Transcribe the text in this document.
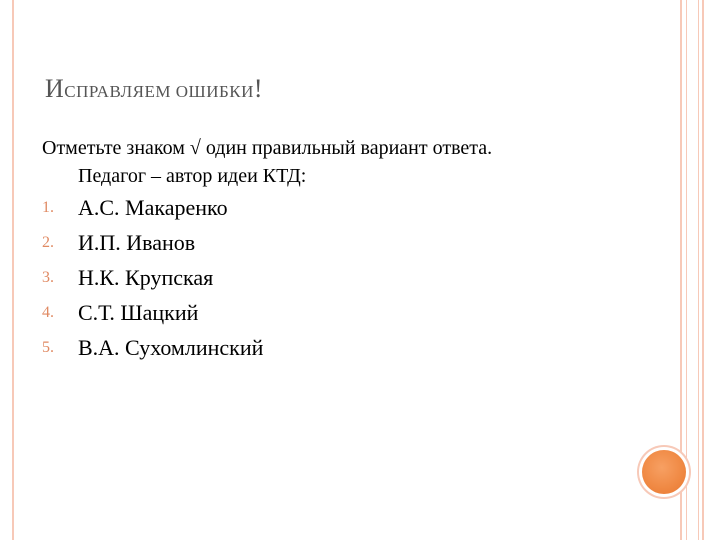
ИСПРАВЛЯЕМ ОШИБКИ!

Отметьте знаком √ один правильный вариант ответа.
Педагог – автор идеи КТД:

1. А.С. Макаренко
2. И.П. Иванов
3. Н.К. Крупская
4. С.Т. Шацкий
5. В.А. Сухомлинский
